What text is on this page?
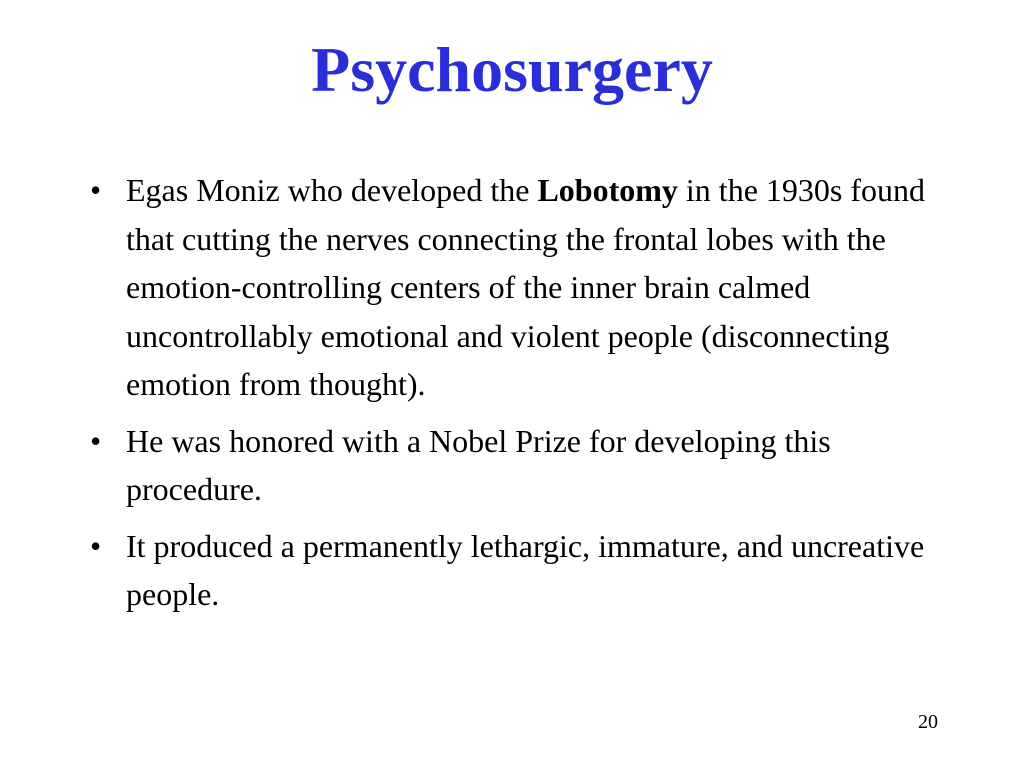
Psychosurgery
• Egas Moniz who developed the Lobotomy in the 1930s found that cutting the nerves connecting the frontal lobes with the emotion-controlling centers of the inner brain calmed uncontrollably emotional and violent people (disconnecting emotion from thought).
• He was honored with a Nobel Prize for developing this procedure.
• It produced a permanently lethargic, immature, and uncreative people.
20
